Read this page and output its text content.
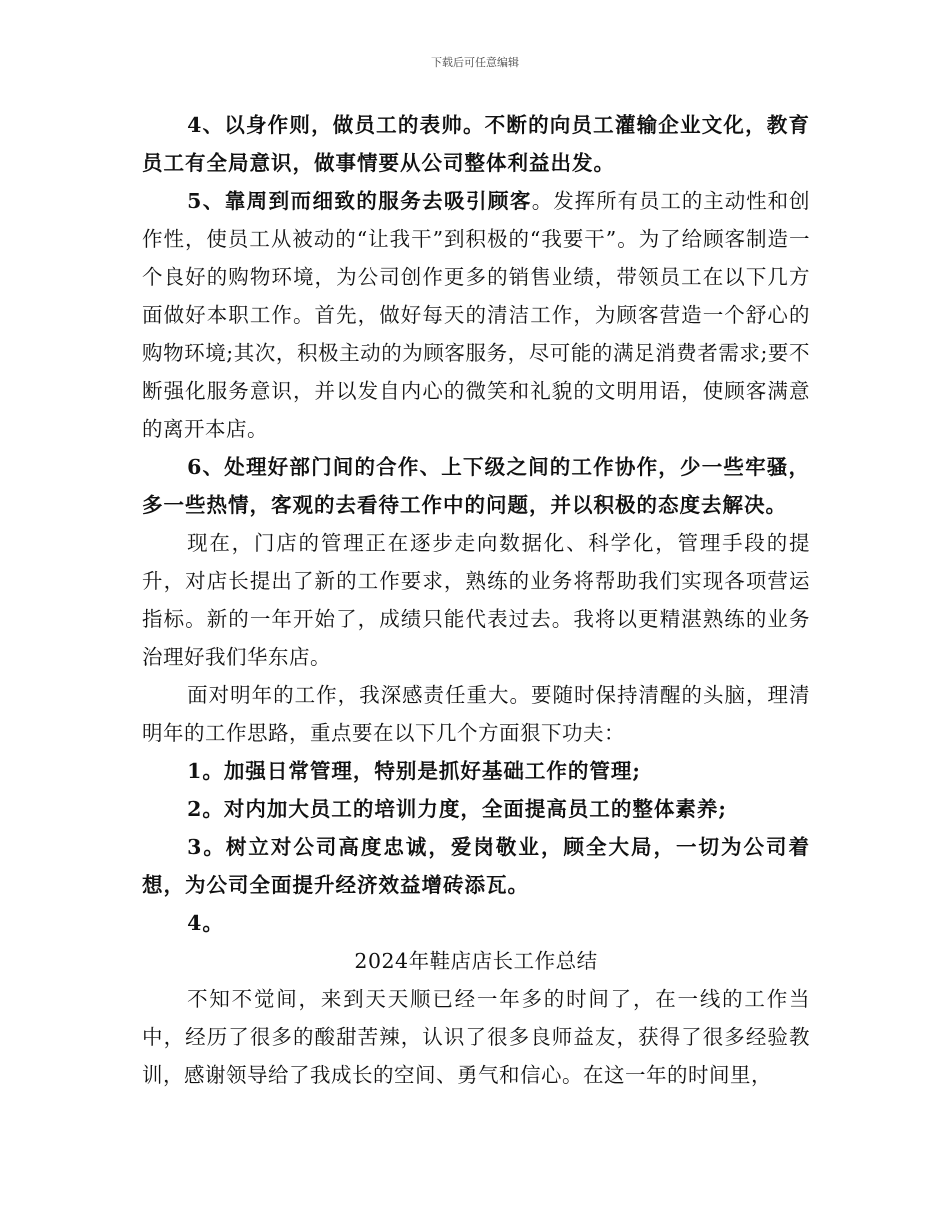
下载后可任意编辑

4、以身作则，做员工的表帅。不断的向员工灌输企业文化，教育员工有全局意识，做事情要从公司整体利益出发。

5、靠周到而细致的服务去吸引顾客。发挥所有员工的主动性和创作性，使员工从被动的“让我干”到积极的“我要干”。为了给顾客制造一个良好的购物环境，为公司创作更多的销售业绩，带领员工在以下几方面做好本职工作。首先，做好每天的清洁工作，为顾客营造一个舒心的购物环境;其次，积极主动的为顾客服务，尽可能的满足消费者需求;要不断强化服务意识，并以发自内心的微笑和礼貌的文明用语，使顾客满意的离开本店。

6、处理好部门间的合作、上下级之间的工作协作，少一些牢骚，多一些热情，客观的去看待工作中的问题，并以积极的态度去解决。

现在，门店的管理正在逐步走向数据化、科学化，管理手段的提升，对店长提出了新的工作要求，熟练的业务将帮助我们实现各项营运指标。新的一年开始了，成绩只能代表过去。我将以更精湛熟练的业务治理好我们华东店。

面对明年的工作，我深感责任重大。要随时保持清醒的头脑，理清明年的工作思路，重点要在以下几个方面狠下功夫：

1。加强日常管理，特别是抓好基础工作的管理;

2。对内加大员工的培训力度，全面提高员工的整体素养;

3。树立对公司高度忠诚，爱岗敬业，顾全大局，一切为公司着想，为公司全面提升经济效益增砖添瓦。

4。

2024年鞋店店长工作总结

不知不觉间，来到天天顺已经一年多的时间了，在一线的工作当中，经历了很多的酸甜苦辣，认识了很多良师益友，获得了很多经验教训，感谢领导给了我成长的空间、勇气和信心。在这一年的时间里，
